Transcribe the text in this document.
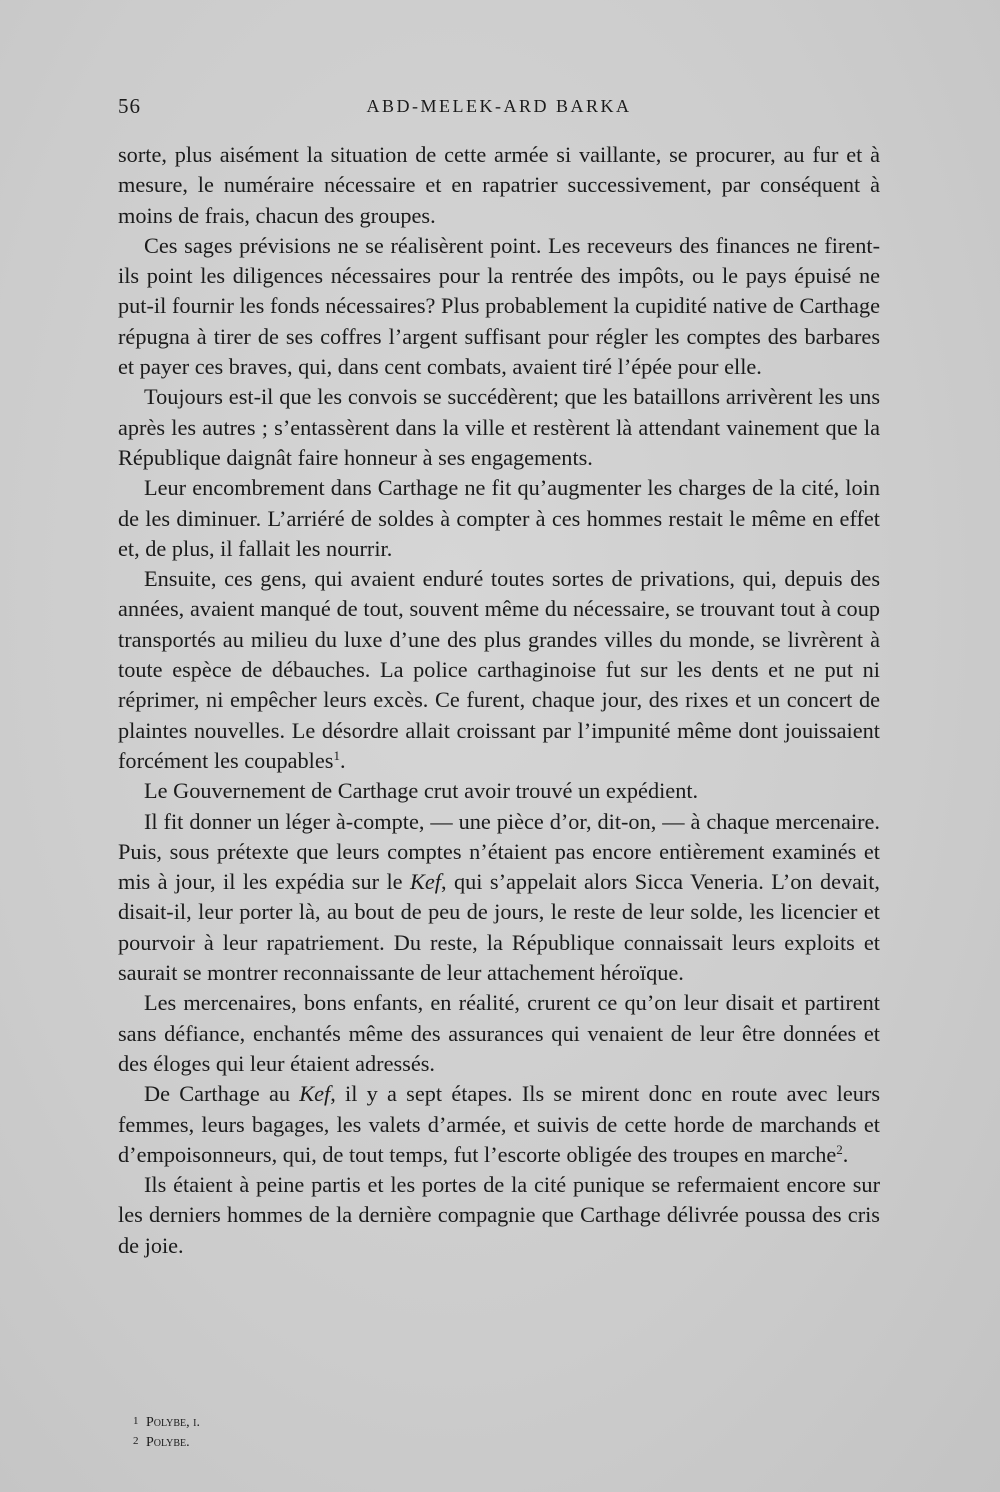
56	ABD-MELEK-ARD BARKA

sorte, plus aisément la situation de cette armée si vaillante, se procurer, au fur et à mesure, le numéraire nécessaire et en rapatrier successivement, par conséquent à moins de frais, chacun des groupes.

Ces sages prévisions ne se réalisèrent point. Les receveurs des finances ne firent-ils point les diligences nécessaires pour la rentrée des impôts, ou le pays épuisé ne put-il fournir les fonds nécessaires? Plus probablement la cupidité native de Carthage répugna à tirer de ses coffres l’argent suffisant pour régler les comptes des barbares et payer ces braves, qui, dans cent combats, avaient tiré l’épée pour elle.

Toujours est-il que les convois se succédèrent; que les bataillons arrivèrent les uns après les autres ; s’entassèrent dans la ville et restèrent là attendant vainement que la République daignât faire honneur à ses engagements.

Leur encombrement dans Carthage ne fit qu’augmenter les charges de la cité, loin de les diminuer. L’arriéré de soldes à compter à ces hommes restait le même en effet et, de plus, il fallait les nourrir.

Ensuite, ces gens, qui avaient enduré toutes sortes de privations, qui, depuis des années, avaient manqué de tout, souvent même du nécessaire, se trouvant tout à coup transportés au milieu du luxe d’une des plus grandes villes du monde, se livrèrent à toute espèce de débauches. La police carthaginoise fut sur les dents et ne put ni réprimer, ni empêcher leurs excès. Ce furent, chaque jour, des rixes et un concert de plaintes nouvelles. Le désordre allait croissant par l’impunité même dont jouissaient forcément les coupables$^1$.

Le Gouvernement de Carthage crut avoir trouvé un expédient.

Il fit donner un léger à-compte, — une pièce d’or, dit-on, — à chaque mercenaire. Puis, sous prétexte que leurs comptes n’étaient pas encore entièrement examinés et mis à jour, il les expédia sur le Kef, qui s’appelait alors Sicca Veneria. L’on devait, disait-il, leur porter là, au bout de peu de jours, le reste de leur solde, les licencier et pourvoir à leur rapatriement. Du reste, la République connaissait leurs exploits et saurait se montrer reconnaissante de leur attachement héroïque.

Les mercenaires, bons enfants, en réalité, crurent ce qu’on leur disait et partirent sans défiance, enchantés même des assurances qui venaient de leur être données et des éloges qui leur étaient adressés.

De Carthage au Kef, il y a sept étapes. Ils se mirent donc en route avec leurs femmes, leurs bagages, les valets d’armée, et suivis de cette horde de marchands et d’empoisonneurs, qui, de tout temps, fut l’escorte obligée des troupes en marche$^2$.

Ils étaient à peine partis et les portes de la cité punique se refermaient encore sur les derniers hommes de la dernière compagnie que Carthage délivrée poussa des cris de joie.

1 Polybe, i.
2 Polybe.
